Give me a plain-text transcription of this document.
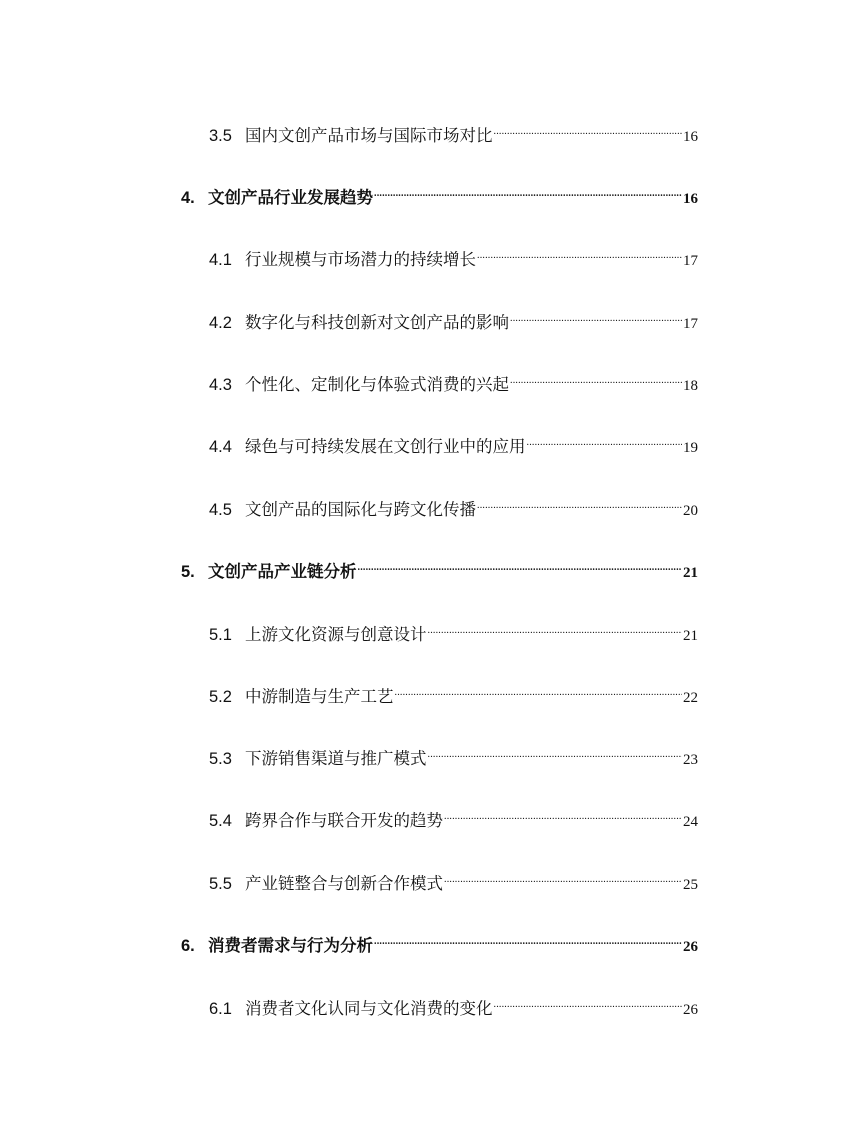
3.5 国内文创产品市场与国际市场对比 .....	16
4. 文创产品行业发展趋势 .....	16
4.1 行业规模与市场潜力的持续增长 .....	17
4.2 数字化与科技创新对文创产品的影响 .....	17
4.3 个性化、定制化与体验式消费的兴起 .....	18
4.4 绿色与可持续发展在文创行业中的应用 .....	19
4.5 文创产品的国际化与跨文化传播 .....	20
5. 文创产品产业链分析 .....	21
5.1 上游文化资源与创意设计 .....	21
5.2 中游制造与生产工艺 .....	22
5.3 下游销售渠道与推广模式 .....	23
5.4 跨界合作与联合开发的趋势 .....	24
5.5 产业链整合与创新合作模式 .....	25
6. 消费者需求与行为分析 .....	26
6.1 消费者文化认同与文化消费的变化 .....	26
